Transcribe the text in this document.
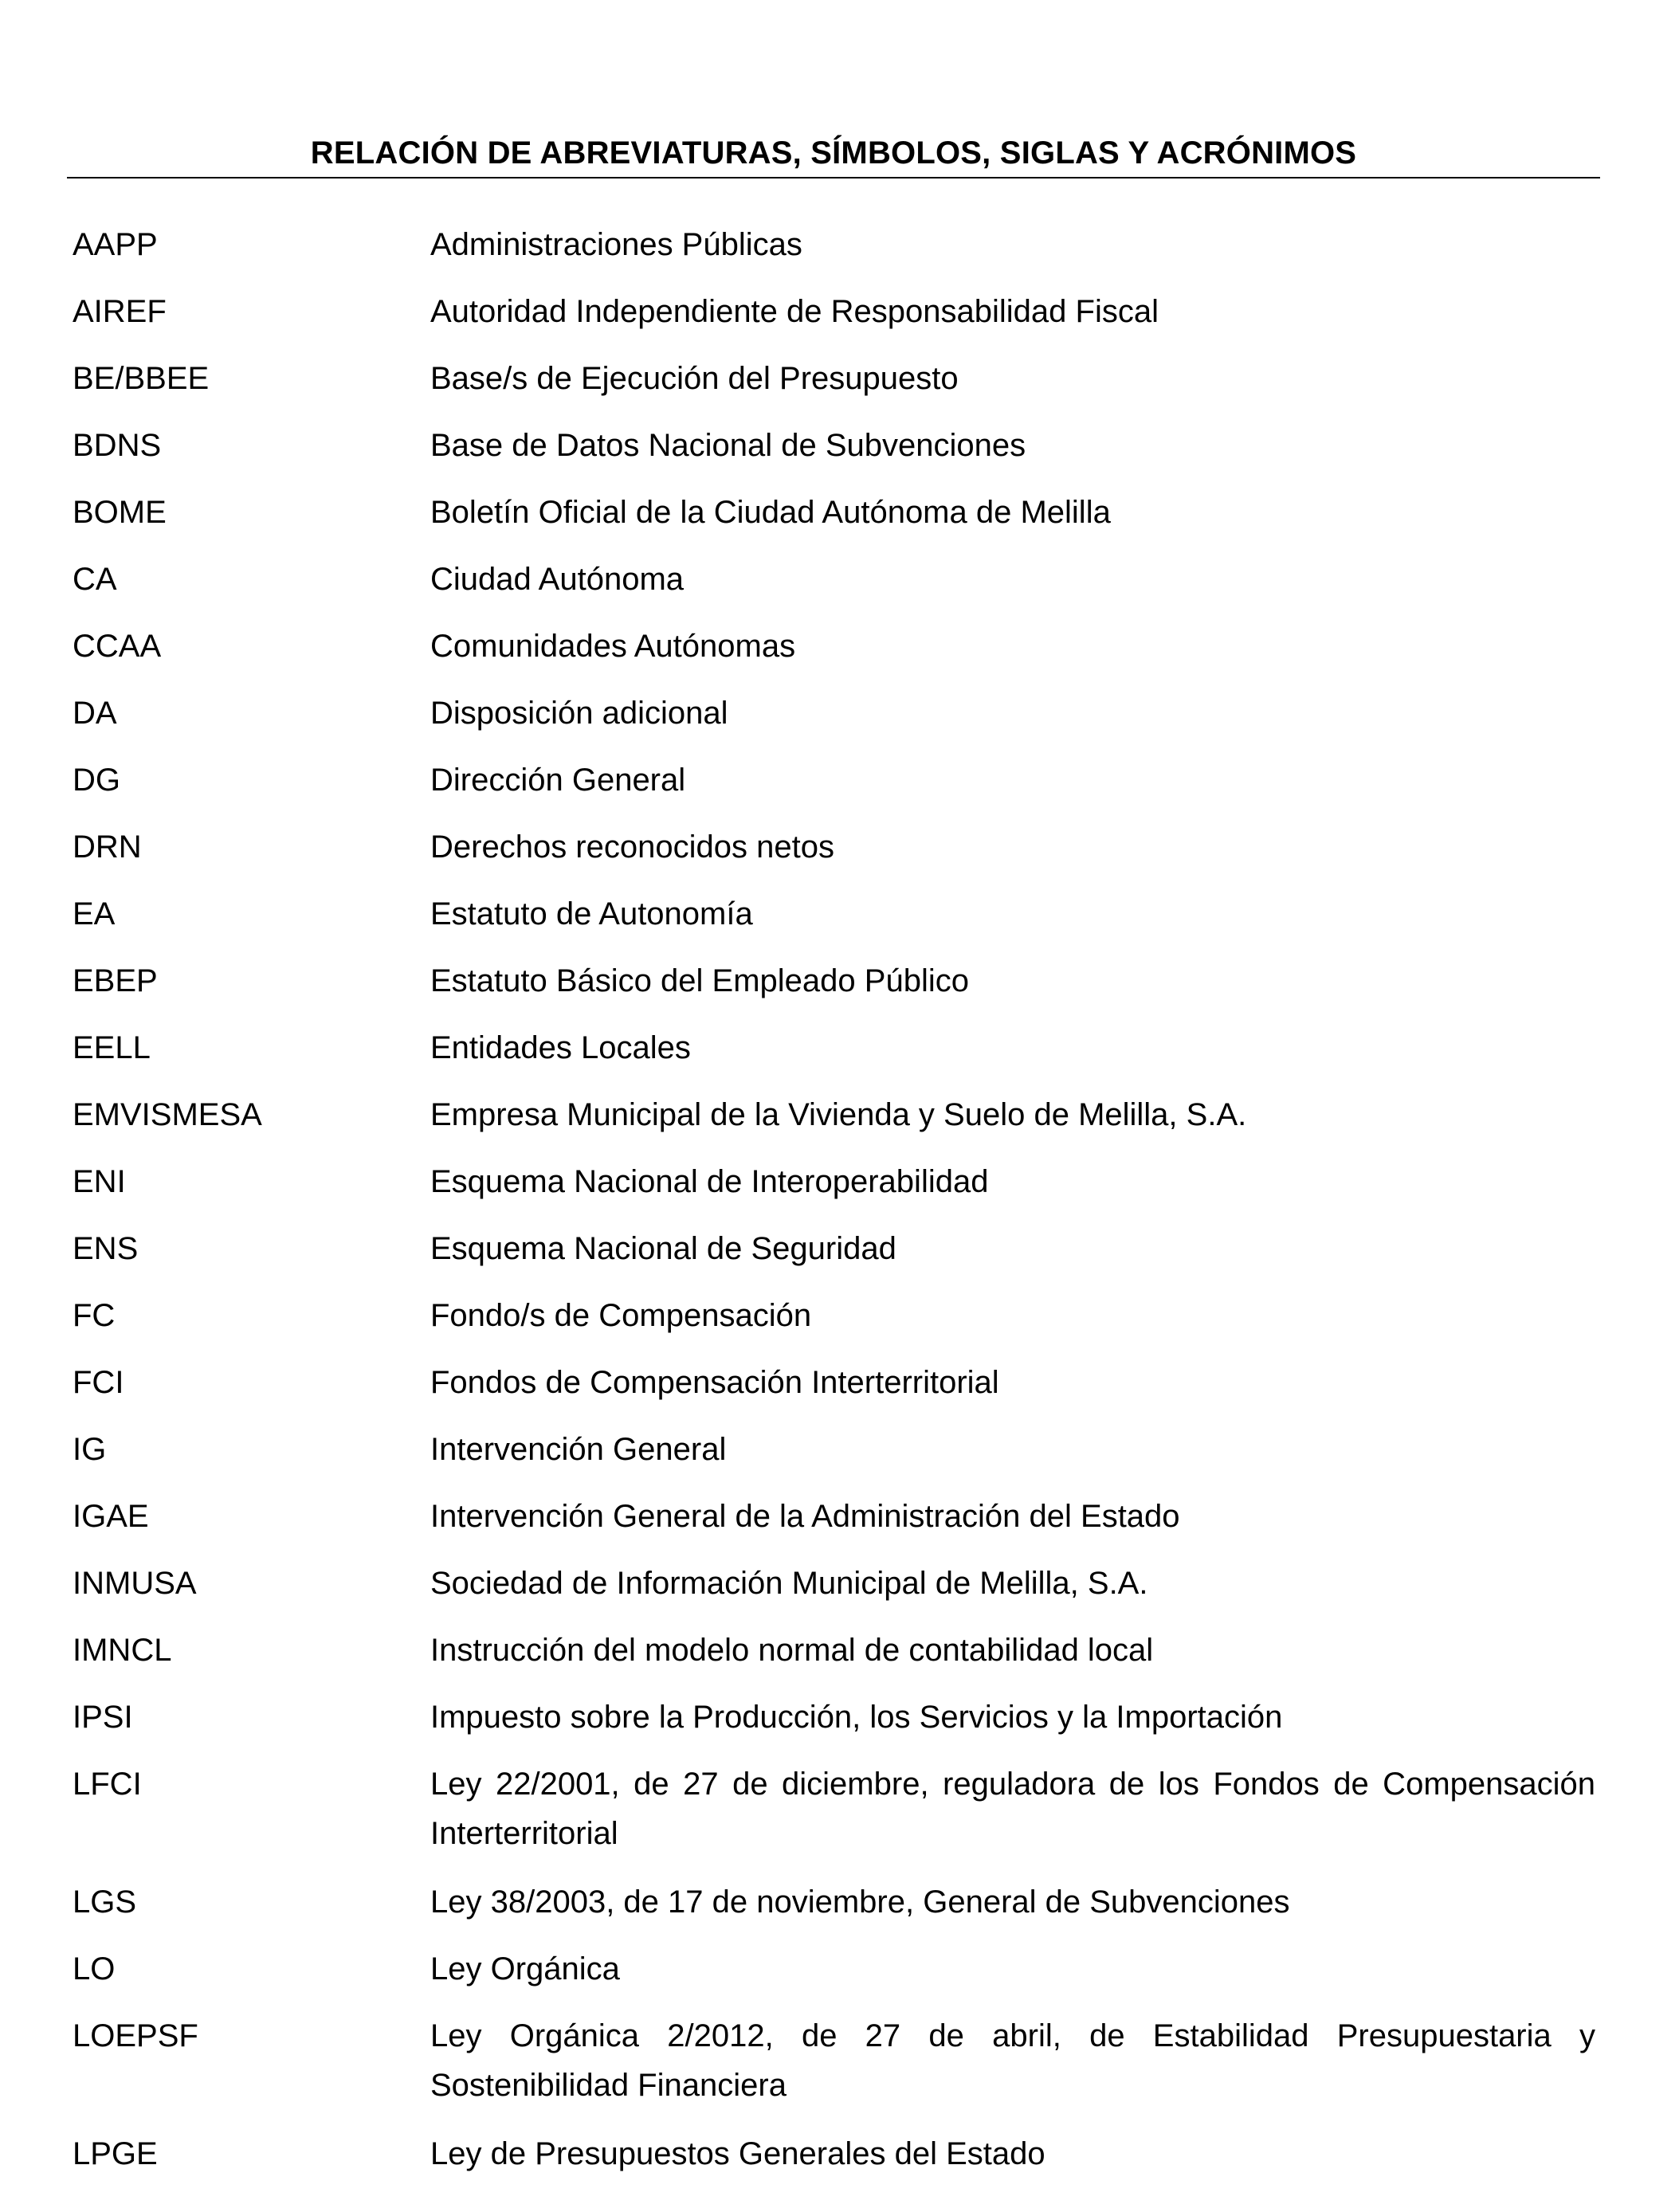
RELACIÓN DE ABREVIATURAS, SÍMBOLOS, SIGLAS Y ACRÓNIMOS
AAPP	Administraciones Públicas
AIREF	Autoridad Independiente de Responsabilidad Fiscal
BE/BBEE	Base/s de Ejecución del Presupuesto
BDNS	Base de Datos Nacional de Subvenciones
BOME	Boletín Oficial de la Ciudad Autónoma de Melilla
CA	Ciudad Autónoma
CCAA	Comunidades Autónomas
DA	Disposición adicional
DG	Dirección General
DRN	Derechos reconocidos netos
EA	Estatuto de Autonomía
EBEP	Estatuto Básico del Empleado Público
EELL	Entidades Locales
EMVISMESA	Empresa Municipal de la Vivienda y Suelo de Melilla, S.A.
ENI	Esquema Nacional de Interoperabilidad
ENS	Esquema Nacional de Seguridad
FC	Fondo/s de Compensación
FCI	Fondos de Compensación Interterritorial
IG	Intervención General
IGAE	Intervención General de la Administración del Estado
INMUSA	Sociedad de Información Municipal de Melilla, S.A.
IMNCL	Instrucción del modelo normal de contabilidad local
IPSI	Impuesto sobre la Producción, los Servicios y la Importación
LFCI	Ley 22/2001, de 27 de diciembre, reguladora de los Fondos de Compensación Interterritorial
LGS	Ley 38/2003, de 17 de noviembre, General de Subvenciones
LO	Ley Orgánica
LOEPSF	Ley Orgánica 2/2012, de 27 de abril, de Estabilidad Presupuestaria y Sostenibilidad Financiera
LPGE	Ley de Presupuestos Generales del Estado
